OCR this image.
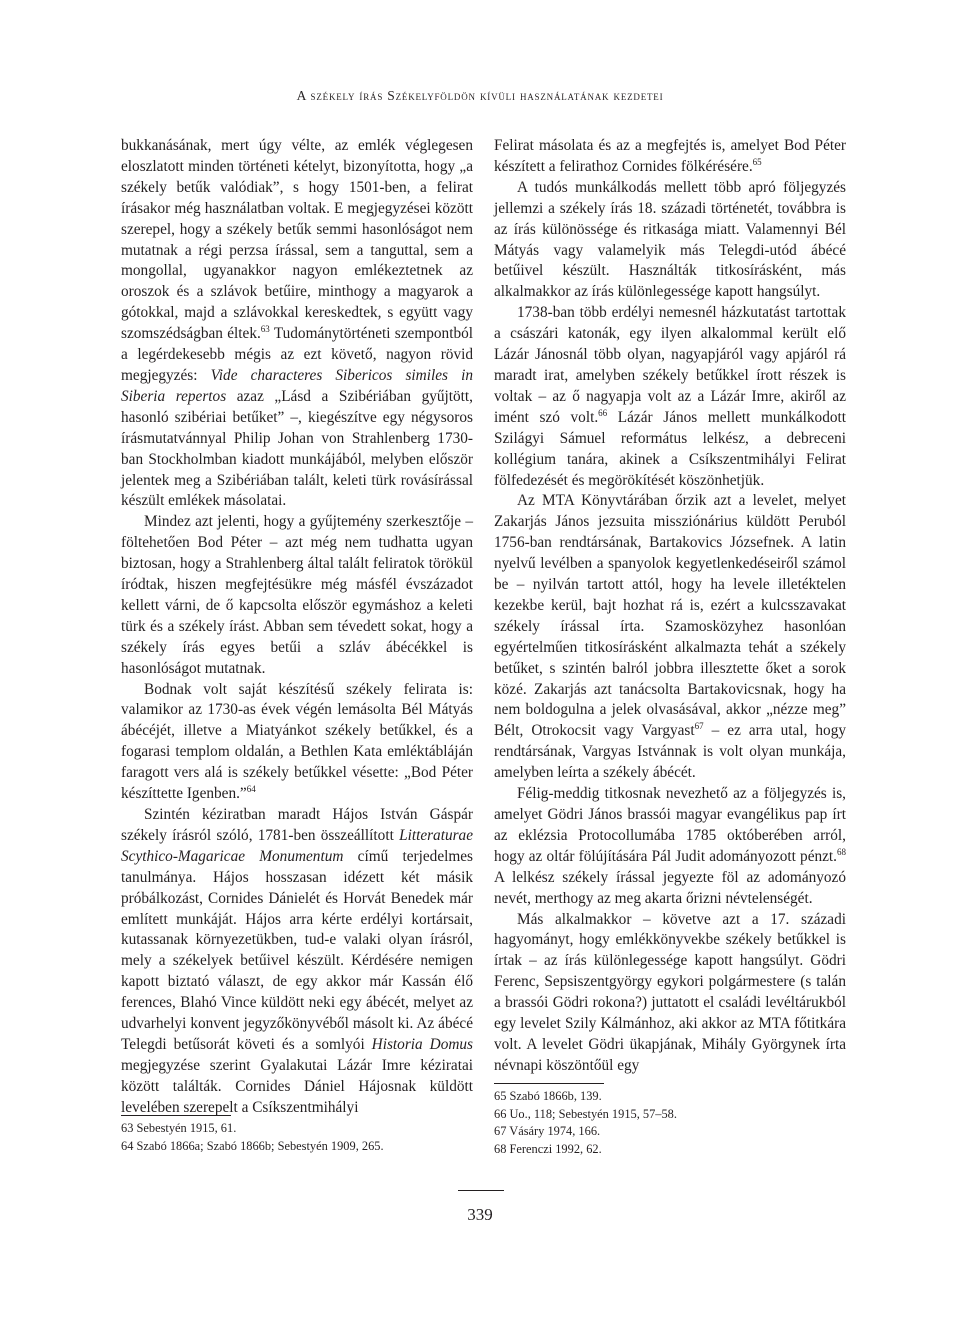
A székely írás Székelyföldön kívüli használatának kezdetei

bukkanásának, mert úgy vélte, az emlék véglegesen eloszlatott minden történeti kételyt, bizonyította, hogy „a székely betűk valódiak”, s hogy 1501-ben, a felirat írásakor még használatban voltak. E megjegyzései között szerepel, hogy a székely betűk semmi hasonlóságot nem mutatnak a régi perzsa írással, sem a tanguttal, sem a mongollal, ugyanakkor nagyon emlékeztetnek az oroszok és a szlávok betűire, minthogy a magyarok a gótokkal, majd a szlávokkal kereskedtek, s együtt vagy szomszédságban éltek.$^{63}$ Tudománytörténeti szempontból a legérdekesebb mégis az ezt követő, nagyon rövid megjegyzés: Vide characteres Sibericos similes in Siberia repertos azaz „Lásd a Szibériában gyűjtött, hasonló szibériai betűket” –, kiegészítve egy négysoros írásmutatvánnyal Philip Johan von Strahlenberg 1730-ban Stockholmban kiadott munkájából, melyben először jelentek meg a Szibériában talált, keleti türk rovásírással készült emlékek másolatai.

Mindez azt jelenti, hogy a gyűjtemény szerkesztője – föltehetően Bod Péter – azt még nem tudhatta ugyan biztosan, hogy a Strahlenberg által talált feliratok törökül íródtak, hiszen megfejtésükre még másfél évszázadot kellett várni, de ő kapcsolta először egymáshoz a keleti türk és a székely írást. Abban sem tévedett sokat, hogy a székely írás egyes betűi a szláv ábécékkel is hasonlóságot mutatnak.

Bodnak volt saját készítésű székely felirata is: valamikor az 1730-as évek végén lemásolta Bél Mátyás ábécéjét, illetve a Miatyánkot székely betűkkel, és a fogarasi templom oldalán, a Bethlen Kata emléktábláján faragott vers alá is székely betűkkel vésette: „Bod Péter készíttette Igenben.”$^{64}$

Szintén kéziratban maradt Hájos István Gáspár székely írásról szóló, 1781-ben összeállított Litteraturae Scythico-Magaricae Monumentum című terjedelmes tanulmánya. Hájos hosszasan idézett két másik próbálkozást, Cornides Dánielét és Horvát Benedek már említett munkáját. Hájos arra kérte erdélyi kortársait, kutassanak környezetükben, tud-e valaki olyan írásról, mely a székelyek betűivel készült. Kérdésére nemigen kapott biztató választ, de egy akkor már Kassán élő ferences, Blahó Vince küldött neki egy ábécét, melyet az udvarhelyi konvent jegyzőkönyvéből másolt ki. Az ábécé Telegdi betűsorát követi és a somlyói Historia Domus megjegyzése szerint Gyalakutai Lázár Imre kéziratai között találták. Cornides Dániel Hájosnak küldött levelében szerepelt a Csíkszentmihályi

Felirat másolata és az a megfejtés is, amelyet Bod Péter készített a felirathoz Cornides fölkérésére.$^{65}$

A tudós munkálkodás mellett több apró följegyzés jellemzi a székely írás 18. századi történetét, továbbra is az írás különössége és ritkasága miatt. Valamennyi Bél Mátyás vagy valamelyik más Telegdi-utód ábécé betűivel készült. Használták titkosírásként, más alkalmakkor az írás különlegessége kapott hangsúlyt.

1738-ban több erdélyi nemesnél házkutatást tartottak a császári katonák, egy ilyen alkalommal került elő Lázár Jánosnál több olyan, nagyapjáról vagy apjáról rá maradt irat, amelyben székely betűkkel írott részek is voltak – az ő nagyapja volt az a Lázár Imre, akiről az imént szó volt.$^{66}$ Lázár János mellett munkálkodott Szilágyi Sámuel református lelkész, a debreceni kollégium tanára, akinek a Csíkszentmihályi Felirat fölfedezését és megörökítését köszönhetjük.

Az MTA Könyvtárában őrzik azt a levelet, melyet Zakarjás János jezsuita missziónárius küldött Peruból 1756-ban rendtársának, Bartakovics Józsefnek. A latin nyelvű levélben a spanyolok kegyetlenkedéseiről számol be – nyilván tartott attól, hogy ha levele illetéktelen kezekbe kerül, bajt hozhat rá is, ezért a kulcsszavakat székely írással írta. Szamosközyhez hasonlóan egyértelműen titkosírásként alkalmazta tehát a székely betűket, s szintén balról jobbra illesztette őket a sorok közé. Zakarjás azt tanácsolta Bartakovicsnak, hogy ha nem boldogulna a jelek olvasásával, akkor „nézze meg” Bélt, Otrokocsit vagy Vargyast$^{67}$ – ez arra utal, hogy rendtársának, Vargyas Istvánnak is volt olyan munkája, amelyben leírta a székely ábécét.

Félig-meddig titkosnak nevezhető az a följegyzés is, amelyet Gödri János brassói magyar evangélikus pap írt az eklézsia Protocollumába 1785 októberében arról, hogy az oltár fölújítására Pál Judit adományozott pénzt.$^{68}$ A lelkész székely írással jegyezte föl az adományozó nevét, merthogy az meg akarta őrizni névtelenségét.

Más alkalmakkor – követve azt a 17. századi hagyományt, hogy emlékkönyvekbe székely betűkkel is írtak – az írás különlegessége kapott hangsúlyt. Gödri Ferenc, Sepsiszentgyörgy egykori polgármestere (s talán a brassói Gödri rokona?) juttatott el családi levéltárukból egy levelet Szily Kálmánhoz, aki akkor az MTA főtitkára volt. A levelet Gödri ükapjának, Mihály Györgynek írta névnapi köszöntőül egy

63 Sebestyén 1915, 61.
64 Szabó 1866a; Szabó 1866b; Sebestyén 1909, 265.
65 Szabó 1866b, 139.
66 Uo., 118; Sebestyén 1915, 57–58.
67 Vásáry 1974, 166.
68 Ferenczi 1992, 62.
339
